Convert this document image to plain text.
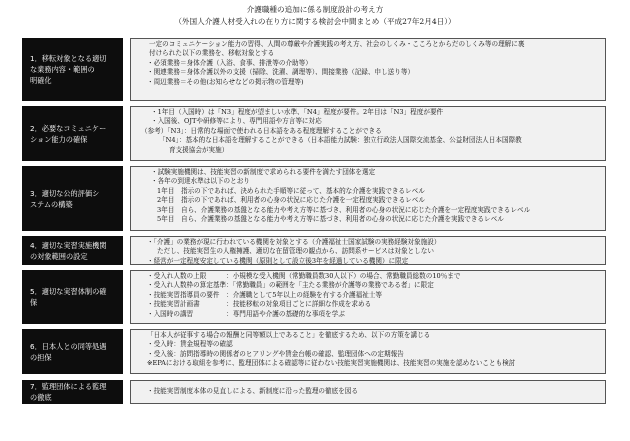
介護職種の追加に係る制度設計の考え方
（外国人介護人材受入れの在り方に関する検討会中間まとめ（平成27年2月4日））
1．移転対象となる適切
な業務内容・範囲の
明確化
一定のコミュニケーション能力の習得、人間の尊厳や介護実践の考え方、社会のしくみ・こころとからだのしくみ等の理解に裏
付けられた以下の業務を、移転対象とする
・必須業務＝身体介護（入浴、食事、排泄等の介助等）
・関連業務＝身体介護以外の支援（掃除、洗濯、調理等）、間接業務（記録、申し送り等）
・周辺業務＝その他(お知らせなどの掲示物の管理等)
2．必要なコミュニケー
ション能力の確保
・1年目（入国時）は「N3」程度が望ましい水準、「N4」程度が要件。2年目は「N3」程度が要件
・入国後、OJTや研修等により、専門用語や方言等に対応
（参考）「N3」：日常的な場面で使われる日本語をある程度理解することができる
「N4」：基本的な日本語を理解することができる（日本語能力試験：独立行政法人国際交流基金、公益財団法人日本国際教
育支援協会が実施）
3．適切な公的評価シ
ステムの構築
・試験実施機関は、技能実習の新制度で求められる要件を満たす団体を選定
・各年の到達水準は以下のとおり
1年目　指示の下であれば、決められた手順等に従って、基本的な介護を実践できるレベル
2年目　指示の下であれば、利用者の心身の状況に応じた介護を一定程度実践できるレベル
3年目　自ら、介護業務の基盤となる能力や考え方等に基づき、利用者の心身の状況に応じた介護を一定程度実践できるレベル
5年目　自ら、介護業務の基盤となる能力や考え方等に基づき、利用者の心身の状況に応じた介護を実践できるレベル
4．適切な実習実施機関
の対象範囲の設定
・「介護」の業務が現に行われている機関を対象とする（介護福祉士国家試験の実務経験対象施設）
ただし、技能実習生の人権擁護、適切な在留管理の観点から、訪問系サービスは対象としない
・経営が一定程度安定している機関（原則として設立後3年を経過している機関）に限定
5．適切な実習体制の確
保
・受入れ人数の上限　　　：小規模な受入機関（常勤職員数30人以下）の場合、常勤職員総数の10％まで
・受入れ人数枠の算定基準：「常勤職員」の範囲を「主たる業務が介護等の業務である者」に限定
・技能実習指導員の要件　：介護職として5年以上の経験を有する介護福祉士等
・技能実習計画書　　　　：技能移転の対象項目ごとに詳細な作成を求める
・入国時の講習　　　　　：専門用語や介護の基礎的な事項を学ぶ
6．日本人との同等処遇
の担保
「日本人が従事する場合の報酬と同等額以上であること」を徹底するため、以下の方策を講じる
・受入時：賃金規程等の確認
・受入後：訪問指導時の関係者のヒアリングや賃金台帳の確認、監理団体への定期報告
※EPAにおける取組を参考に、監理団体による確認等に従わない技能実習実施機関は、技能実習の実施を認めないことも検討
7．監理団体による監理
の徹底
・技能実習制度本体の見直しによる、新制度に沿った監理の徹底を図る
